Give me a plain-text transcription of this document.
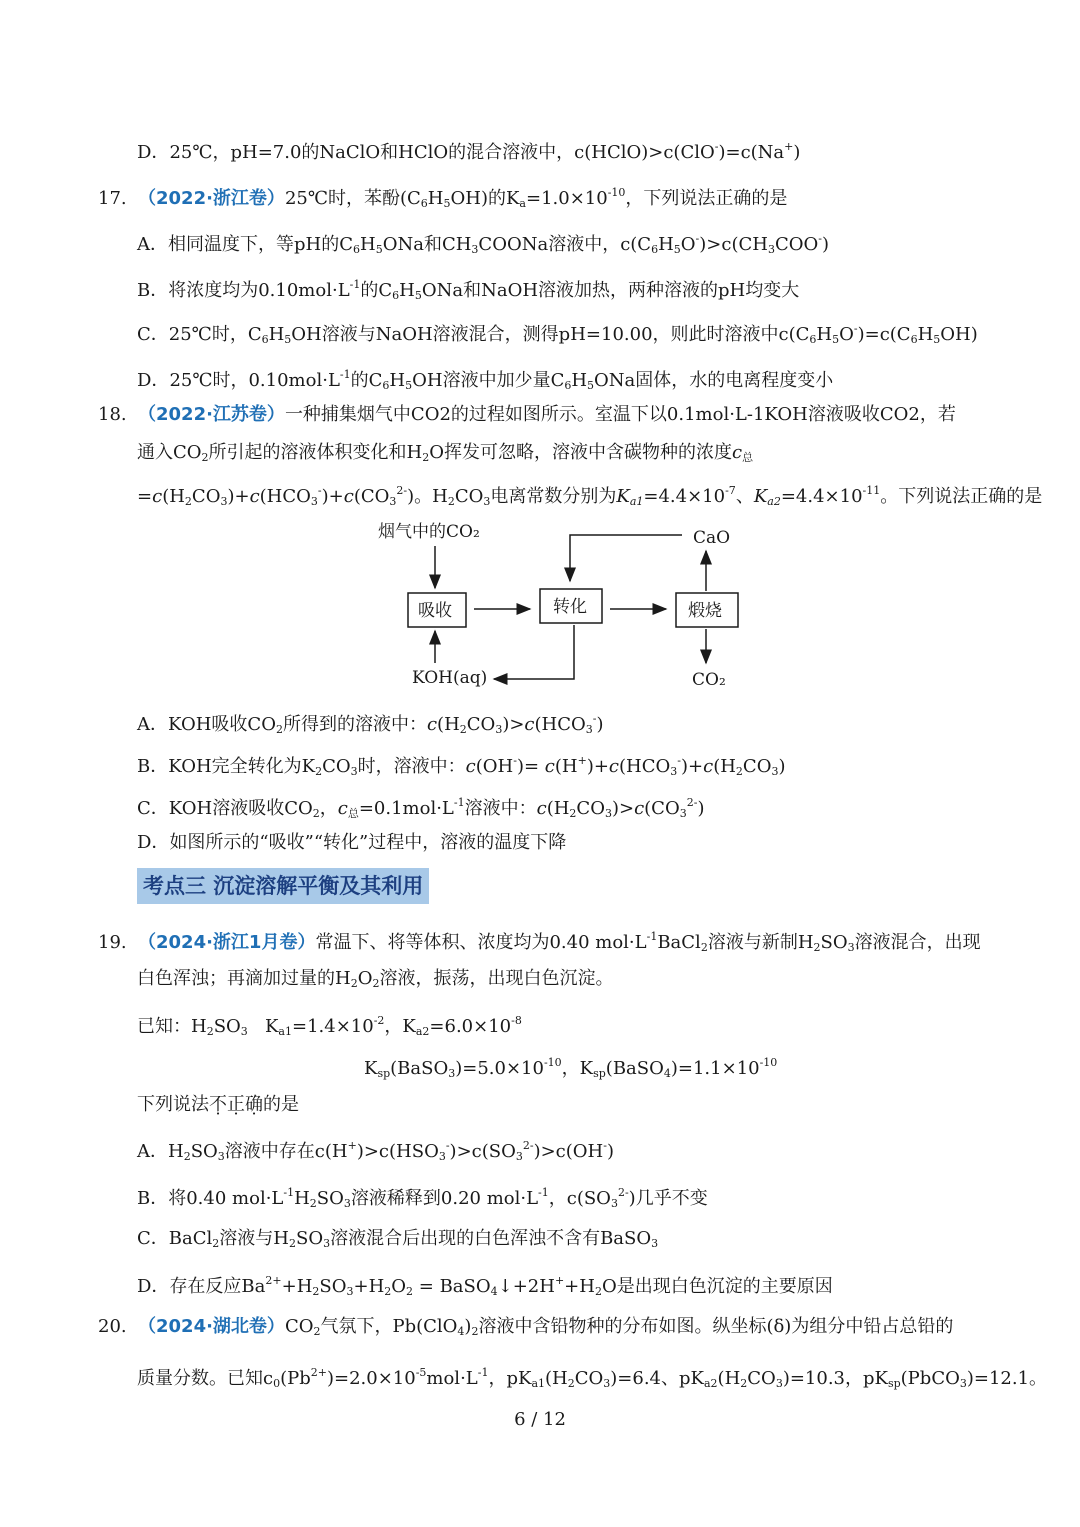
D．25℃，pH=7.0的NaClO和HClO的混合溶液中，c(HClO)>c(ClO-)=c(Na+)
17. （2022·浙江卷）25℃时，苯酚$(C_6H_5OH)$的$K_a=1.0\times 10^{-10}$，下列说法正确的是
A．相同温度下，等pH的$C_6H_5ONa$和$CH_3COONa$溶液中，$c(C_6H_5O^-)>c(CH_3COO^-)$
B．将浓度均为$0.10mol\cdot L^{-1}$的$C_6H_5ONa$和NaOH溶液加热，两种溶液的pH均变大
C．25℃时，$C_6H_5OH$溶液与NaOH溶液混合，测得pH=10.00，则此时溶液中$c(C_6H_5O^-)=c(C_6H_5OH)$
D．25℃时，$0.10mol\cdot L^{-1}$的$C_6H_5OH$溶液中加少量$C_6H_5ONa$固体，水的电离程度变小
18. （2022·江苏卷）一种捕集烟气中CO2的过程如图所示。室温下以0.1mol·L-1KOH溶液吸收CO2，若
通入$CO_2$所引起的溶液体积变化和$H_2O$挥发可忽略，溶液中含碳物种的浓度$c_总$
$=c(H_2CO_3)+c(HCO_3^-)+c(CO_3^{2-})$。$H_2CO_3$电离常数分别为$K_{a1}=4.4\times 10^{-7}$、$K_{a2}=4.4\times 10^{-11}$。下列说法正确的是
烟气中的CO₂
吸收	转化	煅烧
CaO
CO₂
KOH(aq)
A．KOH吸收$CO_2$所得到的溶液中：$c(H_2CO_3)>c(HCO_3^-)$
B．KOH完全转化为$K_2CO_3$时，溶液中：$c(OH^-)= c(H^+)+c(HCO_3^-)+c(H_2CO_3)$
C．KOH溶液吸收$CO_2$，$c_总=0.1mol\cdot L^{-1}$溶液中：$c(H_2CO_3)>c(CO_3^{2-})$
D．如图所示的“吸收”“转化”过程中，溶液的温度下降
考点三 沉淀溶解平衡及其利用
19. （2024·浙江1月卷）常温下、将等体积、浓度均为0.40 $mol\cdot L^{-1}BaCl_2$溶液与新制$H_2SO_3$溶液混合，出现
白色浑浊；再滴加过量的$H_2O_2$溶液，振荡，出现白色沉淀。
已知：$H_2SO_3$   $K_{a1}=1.4\times 10^{-2}$，$K_{a2}=6.0\times 10^{-8}$
$K_{sp}(BaSO_3)=5.0\times 10^{-10}$，$K_{sp}(BaSO_4)=1.1\times 10^{-10}$
下列说法不正确的是
A．$H_2SO_3$溶液中存在$c(H^+)>c(HSO_3^-)>c(SO_3^{2-})>c(OH^-)$
B．将0.40 $mol\cdot L^{-1}H_2SO_3$溶液稀释到0.20 $mol\cdot L^{-1}$，$c(SO_3^{2-})$几乎不变
C．BaCl$_2$溶液与$H_2SO_3$溶液混合后出现的白色浑浊不含有BaSO$_3$
D．存在反应$Ba^{2+}+H_2SO_3+H_2O_2$ = $BaSO_4↓+2H^++H_2O$是出现白色沉淀的主要原因
20. （2024·湖北卷）$CO_2$气氛下，$Pb(ClO_4)_2$溶液中含铅物种的分布如图。纵坐标(δ)为组分中铅占总铅的
质量分数。已知$c_0(Pb^{2+})=2.0\times 10^{-5}mol\cdot L^{-1}$，$pK_{a1}(H_2CO_3)=6.4$、$pK_{a2}(H_2CO_3)=10.3$，$pK_{sp}(PbCO_3)=12.1$。
6 / 12
